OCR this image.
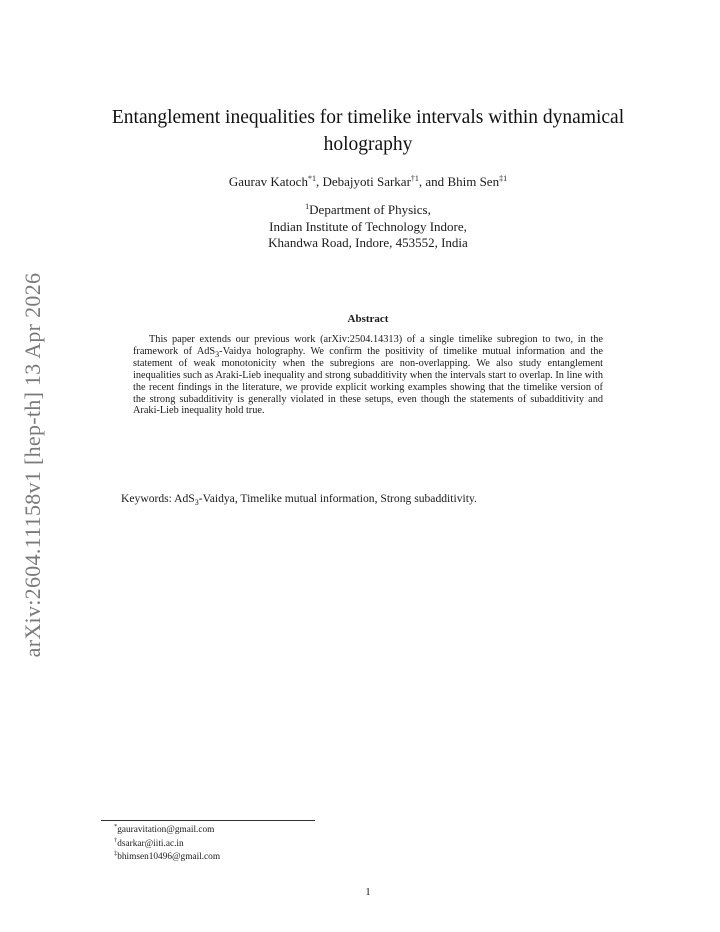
arXiv:2604.11158v1 [hep-th] 13 Apr 2026
Entanglement inequalities for timelike intervals within dynamical holography
Gaurav Katoch$^{*1}$, Debajyoti Sarkar$^{\dagger 1}$, and Bhim Sen$^{\ddagger 1}$
$^1$Department of Physics,
Indian Institute of Technology Indore,
Khandwa Road, Indore, 453552, India
Abstract
This paper extends our previous work (arXiv:2504.14313) of a single timelike subregion to two, in the framework of AdS$_3$-Vaidya holography. We confirm the positivity of timelike mutual information and the statement of weak monotonicity when the subregions are non-overlapping. We also study entanglement inequalities such as Araki-Lieb inequality and strong subadditivity when the intervals start to overlap. In line with the recent findings in the literature, we provide explicit working examples showing that the timelike version of the strong subadditivity is generally violated in these setups, even though the statements of subadditivity and Araki-Lieb inequality hold true.
Keywords: AdS$_3$-Vaidya, Timelike mutual information, Strong subadditivity.
*gauravitation@gmail.com
†dsarkar@iiti.ac.in
‡bhimsen10496@gmail.com
1
